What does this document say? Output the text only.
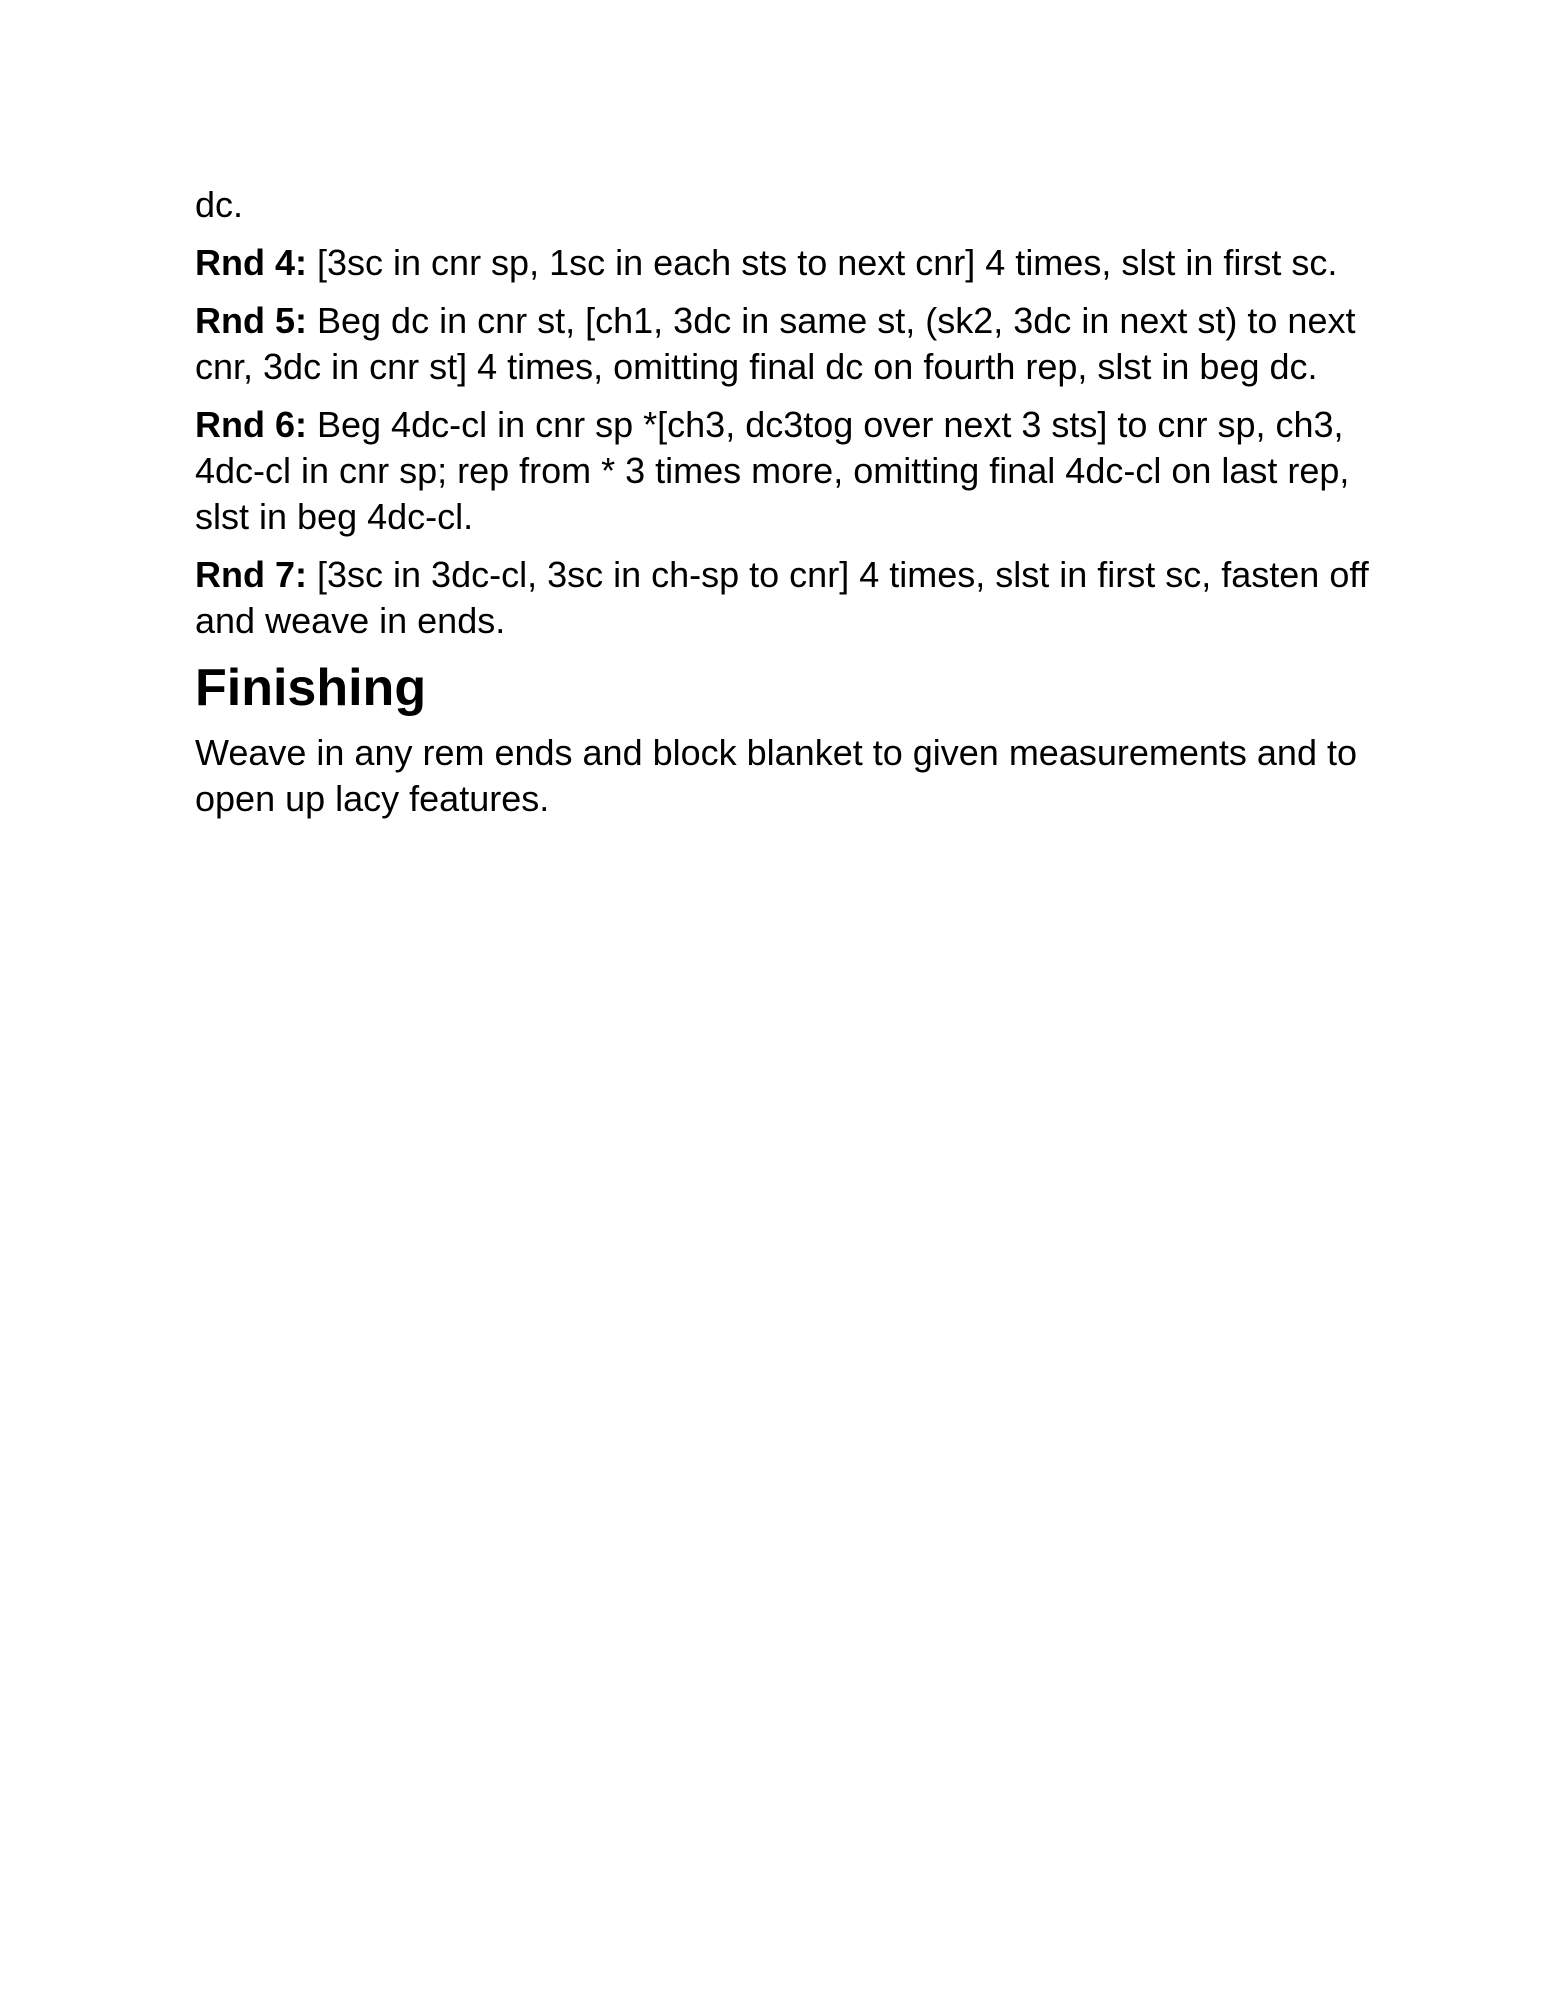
dc.

Rnd 4: [3sc in cnr sp, 1sc in each sts to next cnr] 4 times, slst in first sc.

Rnd 5: Beg dc in cnr st, [ch1, 3dc in same st, (sk2, 3dc in next st) to next cnr, 3dc in cnr st] 4 times, omitting final dc on fourth rep, slst in beg dc.

Rnd 6: Beg 4dc-cl in cnr sp *[ch3, dc3tog over next 3 sts] to cnr sp, ch3, 4dc-cl in cnr sp; rep from * 3 times more, omitting final 4dc-cl on last rep, slst in beg 4dc-cl.

Rnd 7: [3sc in 3dc-cl, 3sc in ch-sp to cnr] 4 times, slst in first sc, fasten off and weave in ends.

Finishing

Weave in any rem ends and block blanket to given measurements and to open up lacy features.
